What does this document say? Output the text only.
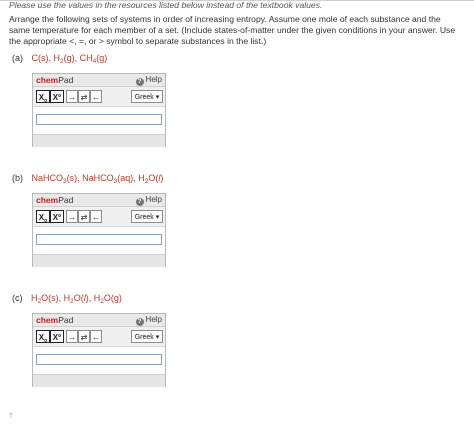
Please use the values in the resources listed below instead of the textbook values.
Arrange the following sets of systems in order of increasing entropy. Assume one mole of each substance and the same temperature for each member of a set. (Include states-of-matter under the given conditions in your answer. Use the appropriate <, =, or > symbol to separate substances in the list.)
(a) C(s), $H_2(g)$, $CH_4(g)$
chemPad	? Help
$X_o$ $X^o$ → ⇄ ←	Greek ▾
(b) NaHCO$_3$(s), NaHCO$_3$(aq), $H_2O(l)$
chemPad	? Help
$X_o$ $X^o$ → ⇄ ←	Greek ▾
(c) $H_2O(s)$, $H_2O(l)$, $H_2O(g)$
chemPad	? Help
$X_o$ $X^o$ → ⇄ ←	Greek ▾
†
